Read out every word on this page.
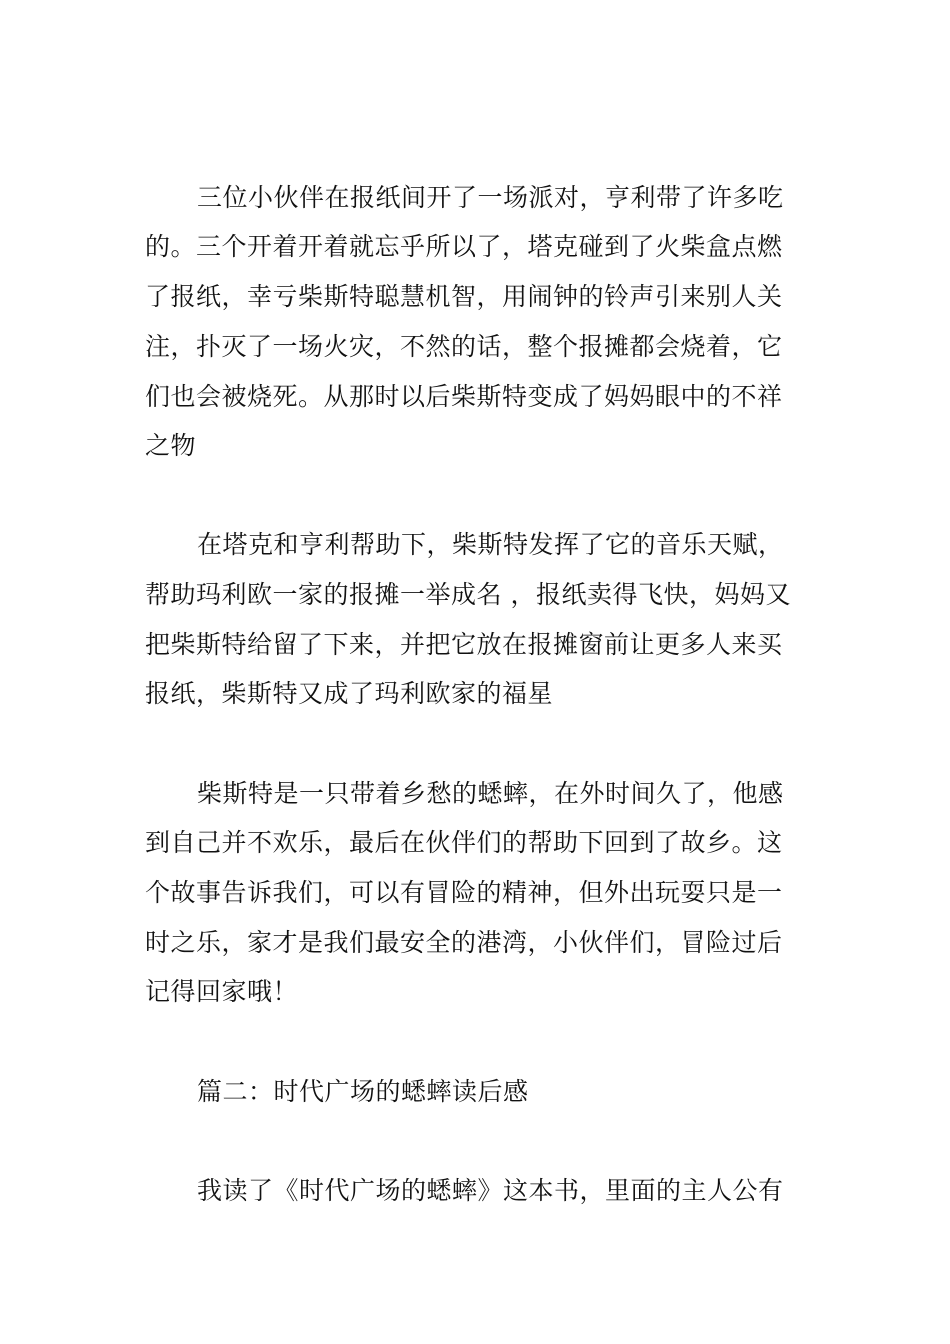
三位小伙伴在报纸间开了一场派对，亨利带了许多吃
的。三个开着开着就忘乎所以了，塔克碰到了火柴盒点燃
了报纸，幸亏柴斯特聪慧机智，用闹钟的铃声引来别人关
注，扑灭了一场火灾，不然的话，整个报摊都会烧着，它
们也会被烧死。从那时以后柴斯特变成了妈妈眼中的不祥
之物
在塔克和亨利帮助下，柴斯特发挥了它的音乐天赋，
帮助玛利欧一家的报摊一举成名 ，报纸卖得飞快，妈妈又
把柴斯特给留了下来，并把它放在报摊窗前让更多人来买
报纸，柴斯特又成了玛利欧家的福星
柴斯特是一只带着乡愁的蟋蟀，在外时间久了，他感
到自己并不欢乐，最后在伙伴们的帮助下回到了故乡。这
个故事告诉我们，可以有冒险的精神，但外出玩耍只是一
时之乐，家才是我们最安全的港湾，小伙伴们，冒险过后
记得回家哦！
篇二：时代广场的蟋蟀读后感
我读了《时代广场的蟋蟀》这本书，里面的主人公有
